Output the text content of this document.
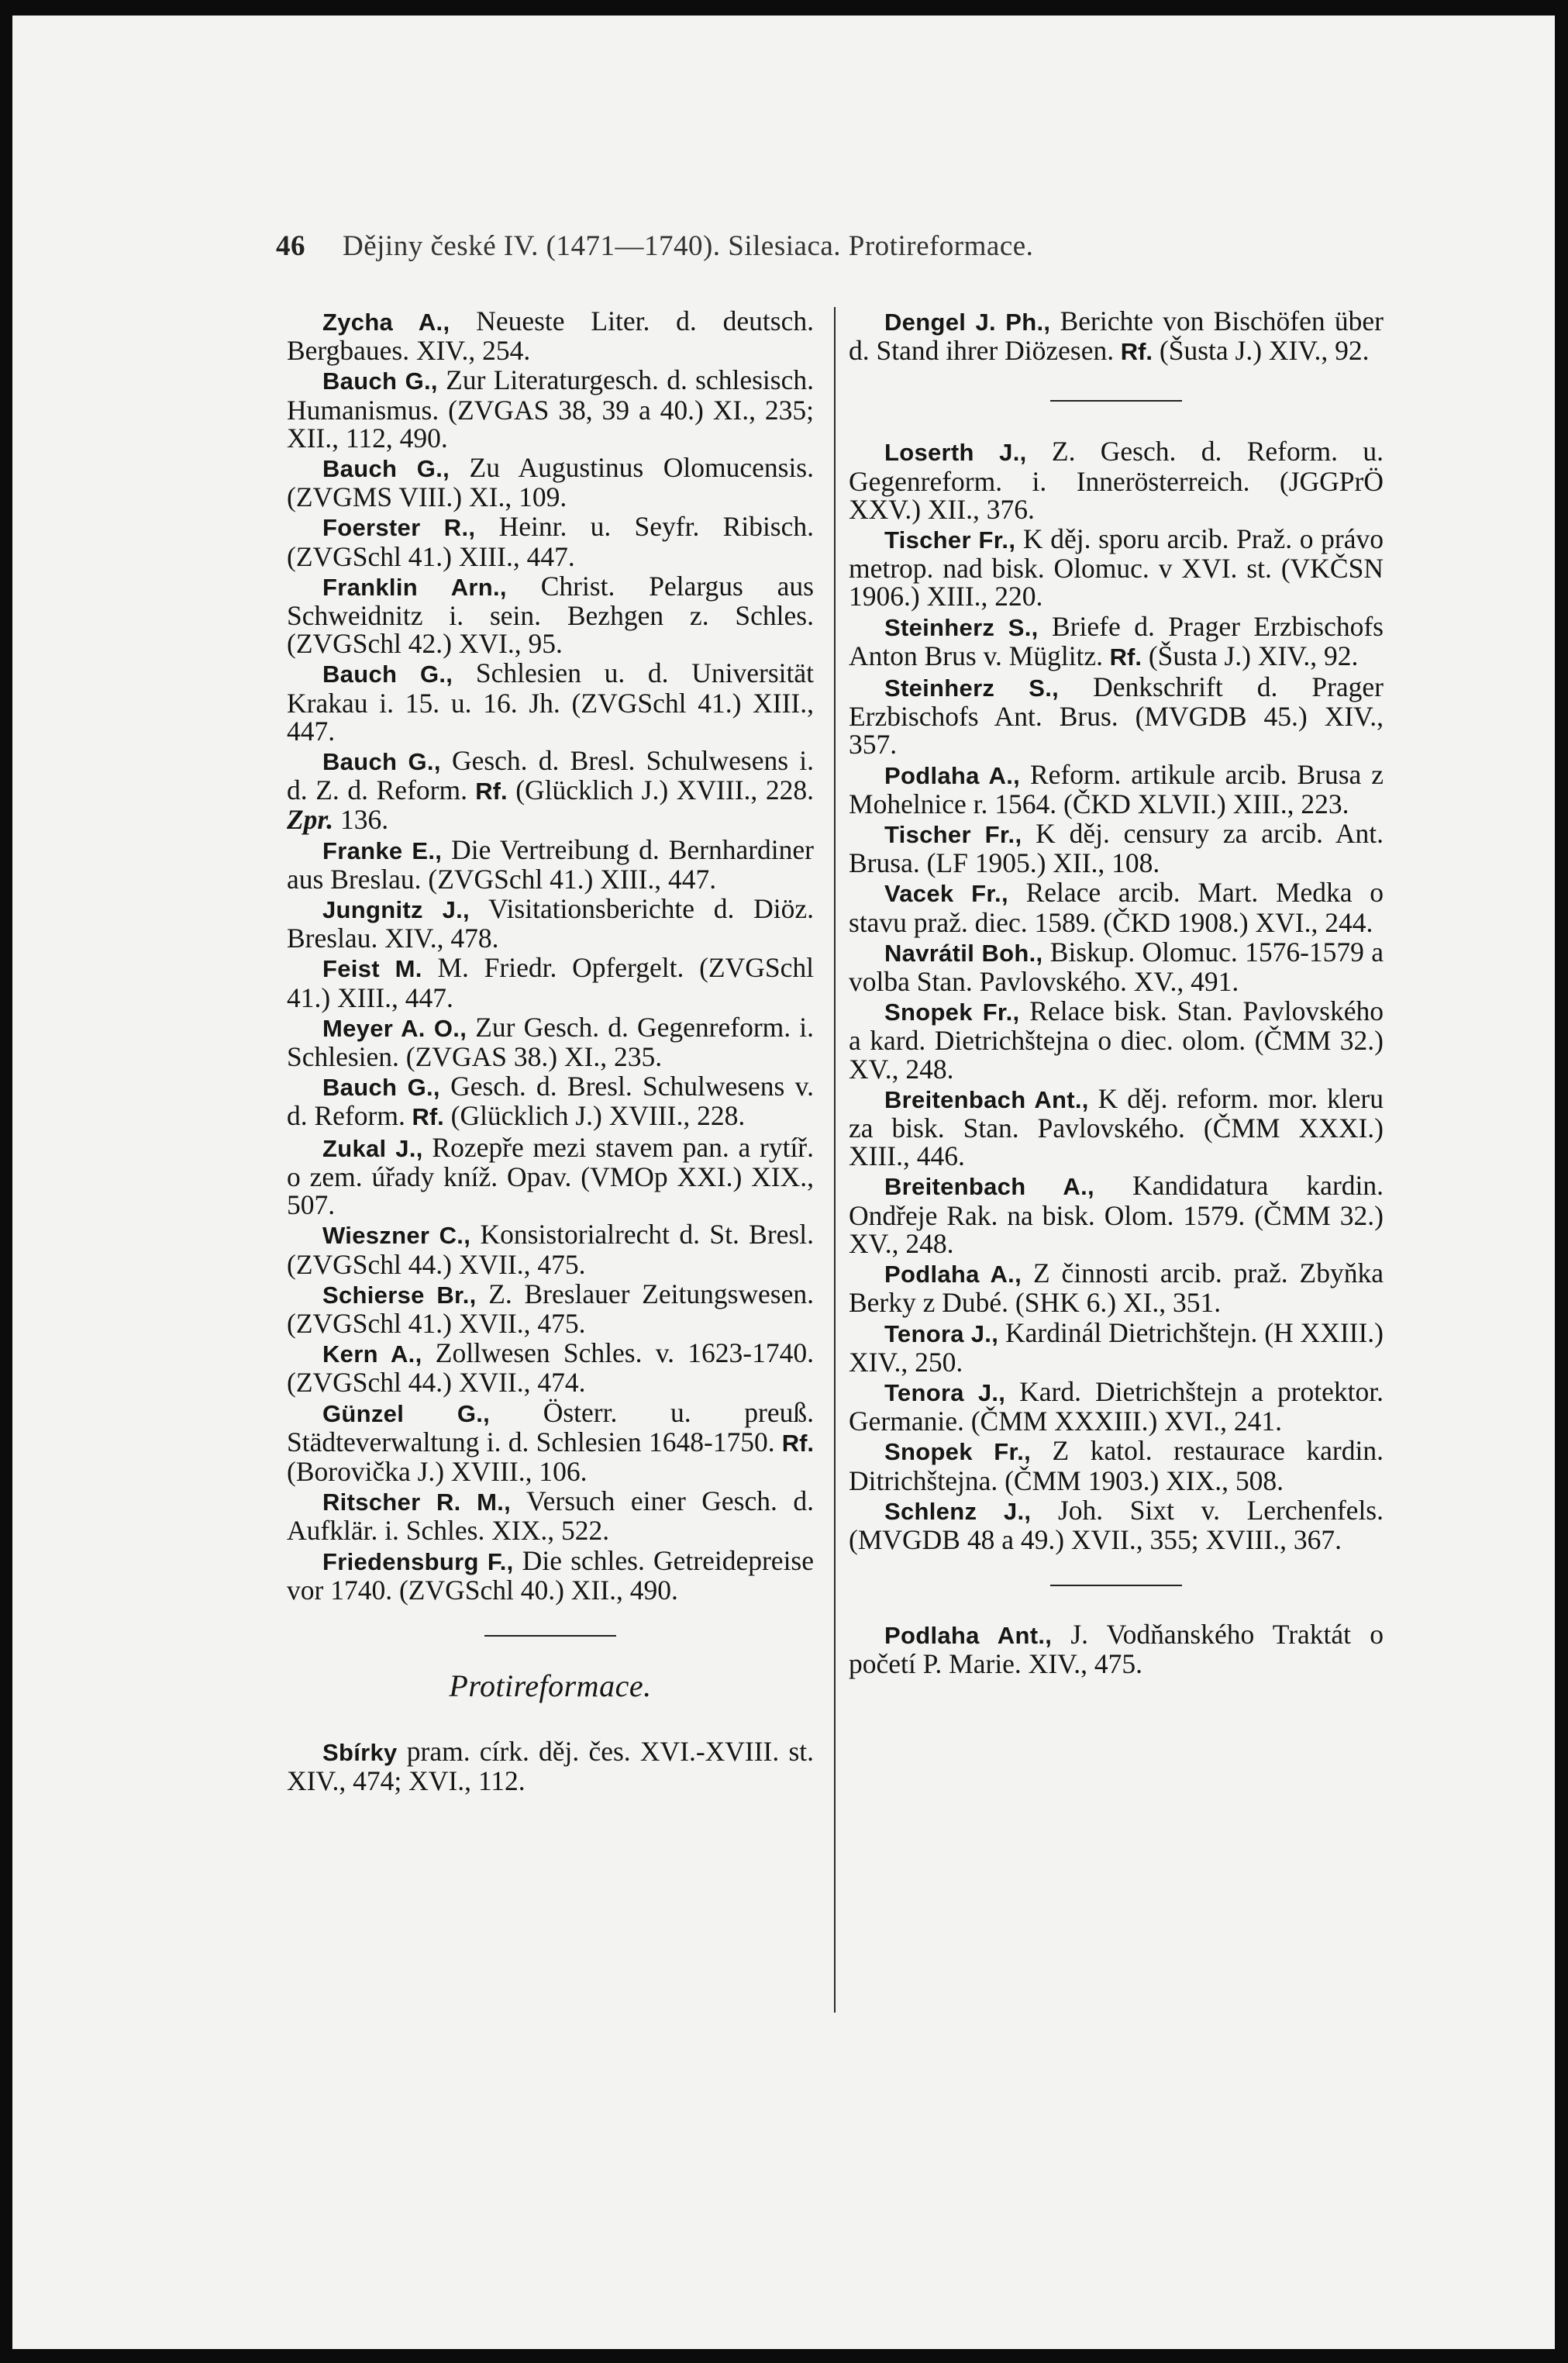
46 Dějiny české IV. (1471—1740). Silesiaca. Protireformace.

Zycha A., Neueste Liter. d. deutsch. Bergbaues. XIV., 254.

Bauch G., Zur Literaturgesch. d. schlesisch. Humanismus. (ZVGAS 38, 39 a 40.) XI., 235; XII., 112, 490.

Bauch G., Zu Augustinus Olomucensis. (ZVGMS VIII.) XI., 109.

Foerster R., Heinr. u. Seyfr. Ribisch. (ZVGSchl 41.) XIII., 447.

Franklin Arn., Christ. Pelargus aus Schweidnitz i. sein. Bezhgen z. Schles. (ZVGSchl 42.) XVI., 95.

Bauch G., Schlesien u. d. Universität Krakau i. 15. u. 16. Jh. (ZVGSchl 41.) XIII., 447.

Bauch G., Gesch. d. Bresl. Schulwesens i. d. Z. d. Reform. Rf. (Glücklich J.) XVIII., 228. Zpr. 136.

Franke E., Die Vertreibung d. Bernhardiner aus Breslau. (ZVGSchl 41.) XIII., 447.

Jungnitz J., Visitationsberichte d. Diöz. Breslau. XIV., 478.

Feist M. M. Friedr. Opfergelt. (ZVGSchl 41.) XIII., 447.

Meyer A. O., Zur Gesch. d. Gegenreform. i. Schlesien. (ZVGAS 38.) XI., 235.

Bauch G., Gesch. d. Bresl. Schulwesens v. d. Reform. Rf. (Glücklich J.) XVIII., 228.

Zukal J., Rozepře mezi stavem pan. a rytíř. o zem. úřady kníž. Opav. (VMOp XXI.) XIX., 507.

Wieszner C., Konsistorialrecht d. St. Bresl. (ZVGSchl 44.) XVII., 475.

Schierse Br., Z. Breslauer Zeitungswesen. (ZVGSchl 41.) XVII., 475.

Kern A., Zollwesen Schles. v. 1623-1740. (ZVGSchl 44.) XVII., 474.

Günzel G., Österr. u. preuß. Städteverwaltung i. d. Schlesien 1648-1750. Rf. (Borovička J.) XVIII., 106.

Ritscher R. M., Versuch einer Gesch. d. Aufklär. i. Schles. XIX., 522.

Friedensburg F., Die schles. Getreidepreise vor 1740. (ZVGSchl 40.) XII., 490.

Protireformace.

Sbírky pram. círk. děj. čes. XVI.-XVIII. st. XIV., 474; XVI., 112.

Dengel J. Ph., Berichte von Bischöfen über d. Stand ihrer Diözesen. Rf. (Šusta J.) XIV., 92.

Loserth J., Z. Gesch. d. Reform. u. Gegenreform. i. Innerösterreich. (JGGPrÖ XXV.) XII., 376.

Tischer Fr., K děj. sporu arcib. Praž. o právo metrop. nad bisk. Olomuc. v XVI. st. (VKČSN 1906.) XIII., 220.

Steinherz S., Briefe d. Prager Erzbischofs Anton Brus v. Müglitz. Rf. (Šusta J.) XIV., 92.

Steinherz S., Denkschrift d. Prager Erzbischofs Ant. Brus. (MVGDB 45.) XIV., 357.

Podlaha A., Reform. artikule arcib. Brusa z Mohelnice r. 1564. (ČKD XLVII.) XIII., 223.

Tischer Fr., K děj. censury za arcib. Ant. Brusa. (LF 1905.) XII., 108.

Vacek Fr., Relace arcib. Mart. Medka o stavu praž. diec. 1589. (ČKD 1908.) XVI., 244.

Navrátil Boh., Biskup. Olomuc. 1576-1579 a volba Stan. Pavlovského. XV., 491.

Snopek Fr., Relace bisk. Stan. Pavlovského a kard. Dietrichštejna o diec. olom. (ČMM 32.) XV., 248.

Breitenbach Ant., K děj. reform. mor. kleru za bisk. Stan. Pavlovského. (ČMM XXXI.) XIII., 446.

Breitenbach A., Kandidatura kardin. Ondřeje Rak. na bisk. Olom. 1579. (ČMM 32.) XV., 248.

Podlaha A., Z činnosti arcib. praž. Zbyňka Berky z Dubé. (SHK 6.) XI., 351.

Tenora J., Kardinál Dietrichštejn. (H XXIII.) XIV., 250.

Tenora J., Kard. Dietrichštejn a protektor. Germanie. (ČMM XXXIII.) XVI., 241.

Snopek Fr., Z katol. restaurace kardin. Ditrichštejna. (ČMM 1903.) XIX., 508.

Schlenz J., Joh. Sixt v. Lerchenfels. (MVGDB 48 a 49.) XVII., 355; XVIII., 367.

Podlaha Ant., J. Vodňanského Traktát o početí P. Marie. XIV., 475.
